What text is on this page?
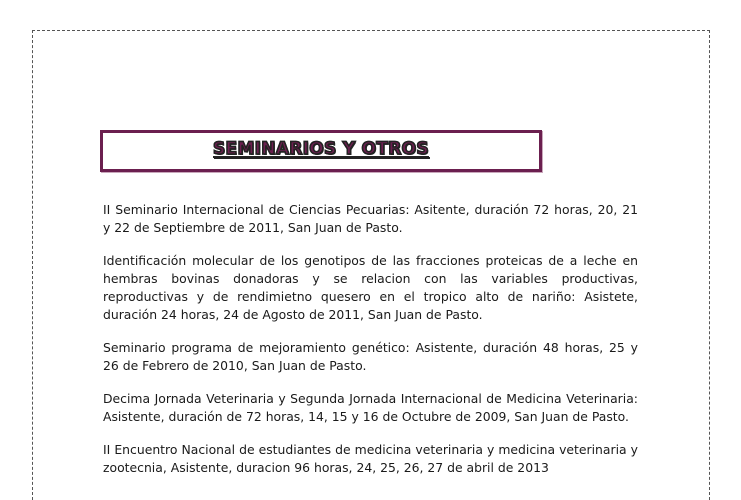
SEMINARIOS Y OTROS

II Seminario Internacional de Ciencias Pecuarias: Asitente, duración 72 horas, 20, 21 y 22 de Septiembre de 2011, San Juan de Pasto.

Identificación molecular de los genotipos de las fracciones proteicas de a leche en hembras bovinas donadoras y se relacion con las variables productivas, reproductivas y de rendimietno quesero en el tropico alto de nariño: Asistete, duración 24 horas, 24 de Agosto de 2011, San Juan de Pasto.

Seminario programa de mejoramiento genético: Asistente, duración 48 horas, 25 y 26 de Febrero de 2010, San Juan de Pasto.

Decima Jornada Veterinaria y Segunda Jornada Internacional de Medicina Veterinaria: Asistente, duración de 72 horas, 14, 15 y 16 de Octubre de 2009, San Juan de Pasto.

II Encuentro Nacional de estudiantes de medicina veterinaria y medicina veterinaria y zootecnia, Asistente, duracion 96 horas, 24, 25, 26, 27 de abril de 2013
